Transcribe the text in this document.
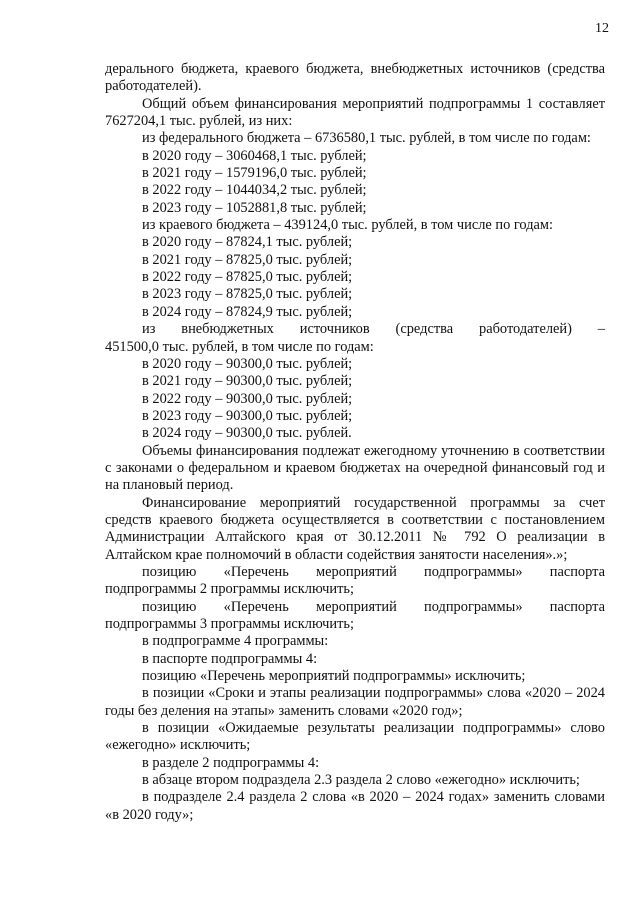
12

дерального бюджета, краевого бюджета, внебюджетных источников (средства работодателей).

Общий объем финансирования мероприятий подпрограммы 1 составляет 7627204,1 тыс. рублей, из них:

из федерального бюджета – 6736580,1 тыс. рублей, в том числе по годам:

в 2020 году – 3060468,1 тыс. рублей;

в 2021 году – 1579196,0 тыс. рублей;

в 2022 году – 1044034,2 тыс. рублей;

в 2023 году – 1052881,8 тыс. рублей;

из краевого бюджета – 439124,0 тыс. рублей, в том числе по годам:

в 2020 году – 87824,1 тыс. рублей;

в 2021 году – 87825,0 тыс. рублей;

в 2022 году – 87825,0 тыс. рублей;

в 2023 году – 87825,0 тыс. рублей;

в 2024 году – 87824,9 тыс. рублей;

из внебюджетных источников (средства работодателей) –

451500,0 тыс. рублей, в том числе по годам:

в 2020 году – 90300,0 тыс. рублей;

в 2021 году – 90300,0 тыс. рублей;

в 2022 году – 90300,0 тыс. рублей;

в 2023 году – 90300,0 тыс. рублей;

в 2024 году – 90300,0 тыс. рублей.

Объемы финансирования подлежат ежегодному уточнению в соответствии с законами о федеральном и краевом бюджетах на очередной финансовый год и на плановый период.

Финансирование мероприятий государственной программы за счет средств краевого бюджета осуществляется в соответствии с постановлением Администрации Алтайского края от 30.12.2011 № 792 О реализации в Алтайском крае полномочий в области содействия занятости населения».»;

позицию «Перечень мероприятий подпрограммы» паспорта подпрограммы 2 программы исключить;

позицию «Перечень мероприятий подпрограммы» паспорта подпрограммы 3 программы исключить;

в подпрограмме 4 программы:

в паспорте подпрограммы 4:

позицию «Перечень мероприятий подпрограммы» исключить;

в позиции «Сроки и этапы реализации подпрограммы» слова «2020 – 2024 годы без деления на этапы» заменить словами «2020 год»;

в позиции «Ожидаемые результаты реализации подпрограммы» слово «ежегодно» исключить;

в разделе 2 подпрограммы 4:

в абзаце втором подраздела 2.3 раздела 2 слово «ежегодно» исключить;

в подразделе 2.4 раздела 2 слова «в 2020 – 2024 годах» заменить словами «в 2020 году»;
